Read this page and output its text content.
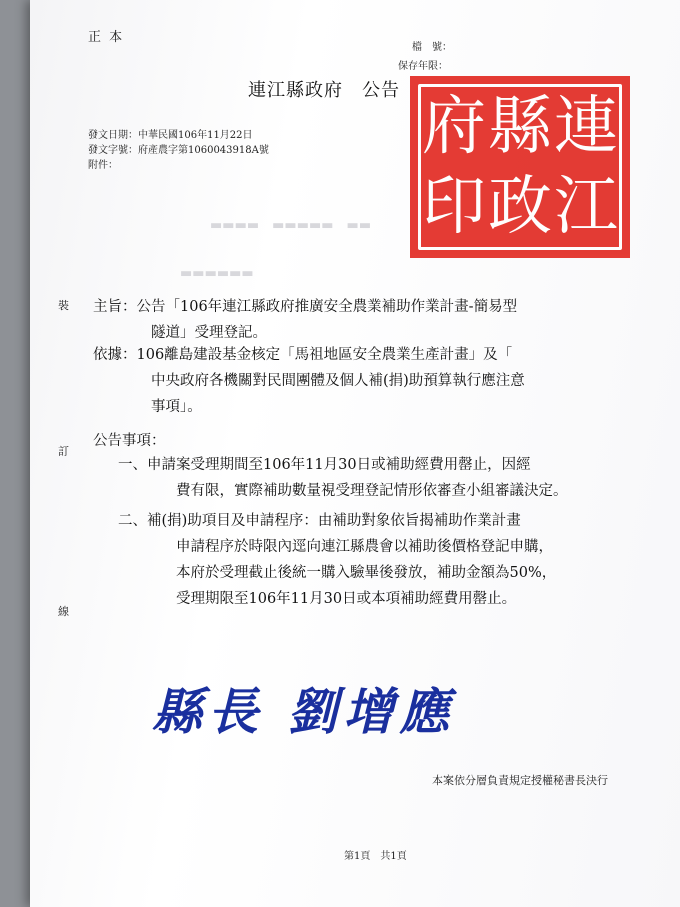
正 本
檔　號：
保存年限：
連江縣政府　公告
發文日期：中華民國106年11月22日
發文字號：府產農字第1060043918A號
附件：
▬▬▬▬　▬▬▬▬▬　▬▬
▬▬▬▬▬▬
府 縣 連
印 政 江
裝
訂
線
主旨：公告「106年連江縣政府推廣安全農業補助作業計畫-簡易型
隧道」受理登記。
依據：106離島建設基金核定「馬祖地區安全農業生產計畫」及「
中央政府各機關對民間團體及個人補(捐)助預算執行應注意
事項」。
公告事項：
一、申請案受理期間至106年11月30日或補助經費用罄止，因經
費有限，實際補助數量視受理登記情形依審查小組審議決定。
二、補(捐)助項目及申請程序：由補助對象依旨揭補助作業計畫
申請程序於時限內逕向連江縣農會以補助後價格登記申購，
本府於受理截止後統一購入驗畢後發放，補助金額為50%，
受理期限至106年11月30日或本項補助經費用罄止。
縣長 劉增應
本案依分層負責規定授權秘書長決行
第1頁　共1頁
